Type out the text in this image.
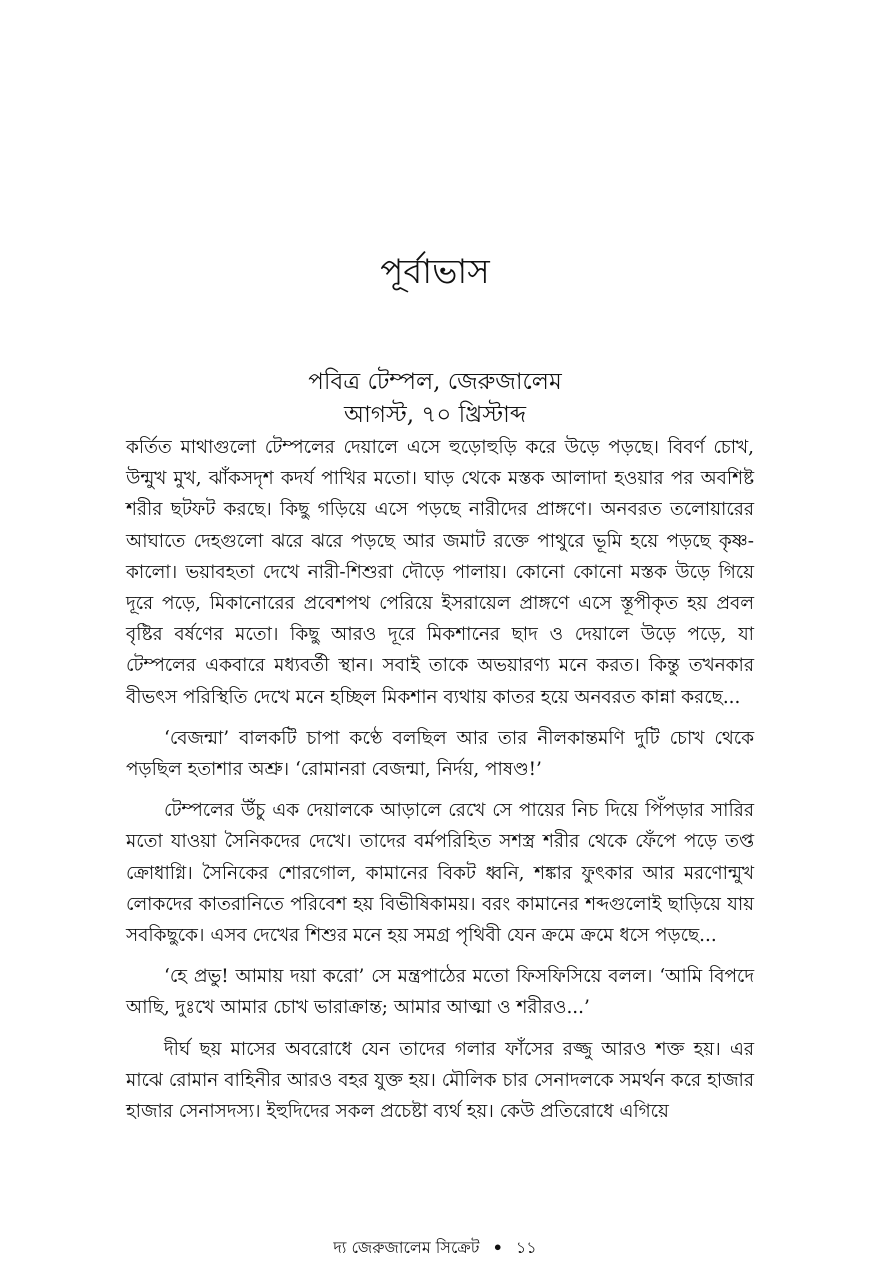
পূর্বাভাস
পবিত্র টেম্পল, জেরুজালেম
আগস্ট, ৭০ খ্রিস্টাব্দ

কর্তিত মাথাগুলো টেম্পলের দেয়ালে এসে হুড়োহুড়ি করে উড়ে পড়ছে। বিবর্ণ চোখ, উন্মুখ মুখ, ঝাঁকসদৃশ কদর্য পাখির মতো। ঘাড় থেকে মস্তক আলাদা হওয়ার পর অবশিষ্ট শরীর ছটফট করছে। কিছু গড়িয়ে এসে পড়ছে নারীদের প্রাঙ্গণে। অনবরত তলোয়ারের আঘাতে দেহগুলো ঝরে ঝরে পড়ছে আর জমাট রক্তে পাথুরে ভূমি হয়ে পড়ছে কৃষ্ণ-কালো। ভয়াবহতা দেখে নারী-শিশুরা দৌড়ে পালায়। কোনো কোনো মস্তক উড়ে গিয়ে দূরে পড়ে, মিকানোরের প্রবেশপথ পেরিয়ে ইসরায়েল প্রাঙ্গণে এসে স্তূপীকৃত হয় প্রবল বৃষ্টির বর্ষণের মতো। কিছু আরও দূরে মিকশানের ছাদ ও দেয়ালে উড়ে পড়ে, যা টেম্পলের একবারে মধ্যবর্তী স্থান। সবাই তাকে অভয়ারণ্য মনে করত। কিন্তু তখনকার বীভৎস পরিস্থিতি দেখে মনে হচ্ছিল মিকশান ব্যথায় কাতর হয়ে অনবরত কান্না করছে...

‘বেজন্মা’ বালকটি চাপা কণ্ঠে বলছিল আর তার নীলকান্তমণি দুটি চোখ থেকে পড়ছিল হতাশার অশ্রু। ‘রোমানরা বেজন্মা, নির্দয়, পাষণ্ড!’

টেম্পলের উঁচু এক দেয়ালকে আড়ালে রেখে সে পায়ের নিচ দিয়ে পিঁপড়ার সারির মতো যাওয়া সৈনিকদের দেখে। তাদের বর্মপরিহিত সশস্ত্র শরীর থেকে ফেঁপে পড়ে তপ্ত ক্রোধাগ্নি। সৈনিকের শোরগোল, কামানের বিকট ধ্বনি, শঙ্কার ফুৎকার আর মরণোন্মুখ লোকদের কাতরানিতে পরিবেশ হয় বিভীষিকাময়। বরং কামানের শব্দগুলোই ছাড়িয়ে যায় সবকিছুকে। এসব দেখের শিশুর মনে হয় সমগ্র পৃথিবী যেন ক্রমে ক্রমে ধসে পড়ছে...

‘হে প্রভু! আমায় দয়া করো’ সে মন্ত্রপাঠের মতো ফিসফিসিয়ে বলল। ‘আমি বিপদে আছি, দুঃখে আমার চোখ ভারাক্রান্ত; আমার আত্মা ও শরীরও...’

দীর্ঘ ছয় মাসের অবরোধে যেন তাদের গলার ফাঁসের রজ্জু আরও শক্ত হয়। এর মাঝে রোমান বাহিনীর আরও বহর যুক্ত হয়। মৌলিক চার সেনাদলকে সমর্থন করে হাজার হাজার সেনাসদস্য। ইহুদিদের সকল প্রচেষ্টা ব্যর্থ হয়। কেউ প্রতিরোধে এগিয়ে

দ্য জেরুজালেম সিক্রেট • ১১
